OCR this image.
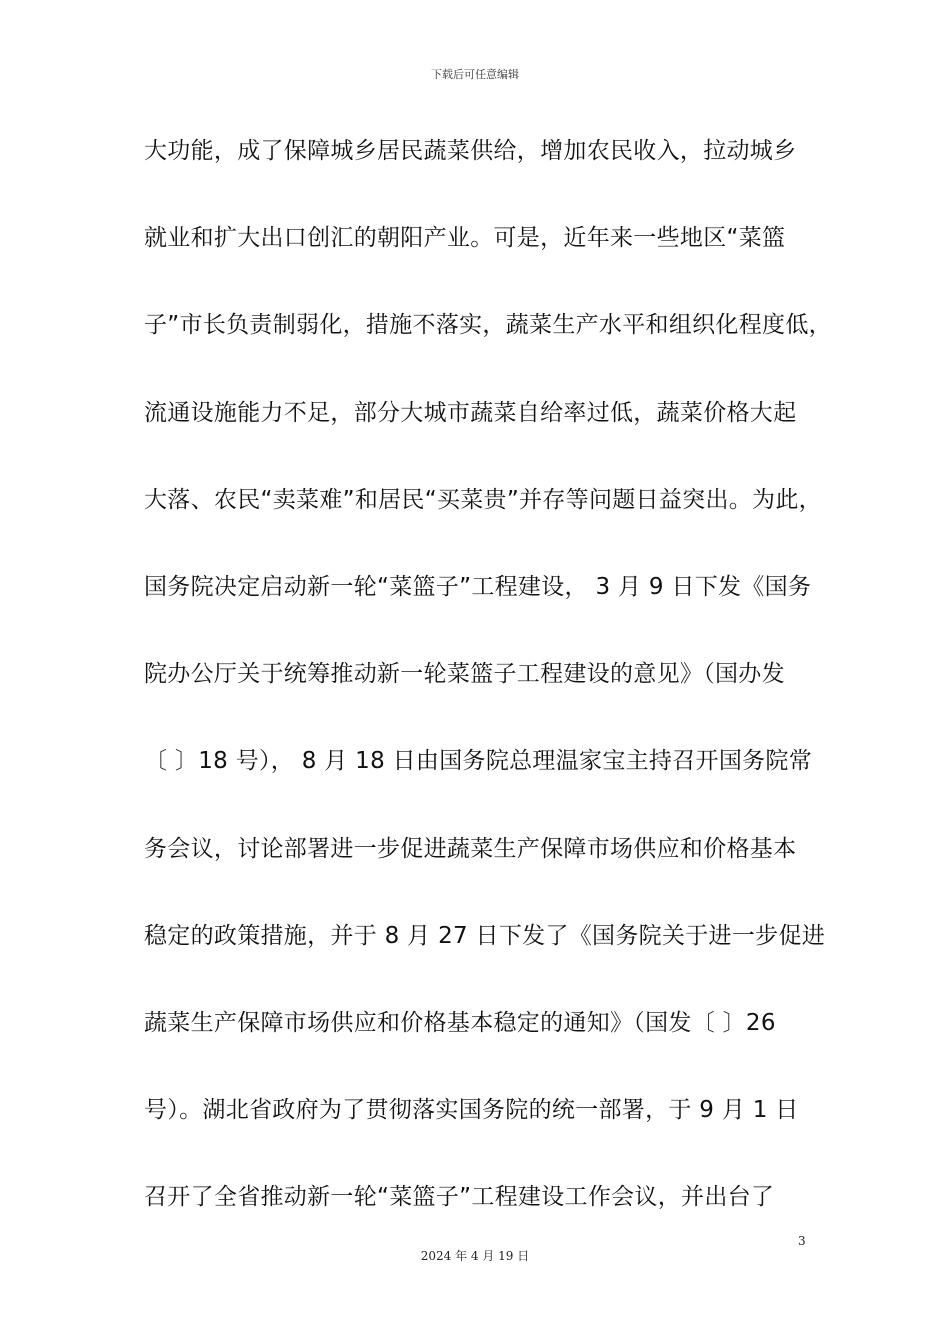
下载后可任意编辑
大功能，成了保障城乡居民蔬菜供给，增加农民收入，拉动城乡
就业和扩大出口创汇的朝阳产业。可是，近年来一些地区“菜篮
子”市长负责制弱化，措施不落实，蔬菜生产水平和组织化程度低，
流通设施能力不足，部分大城市蔬菜自给率过低，蔬菜价格大起
大落、农民“卖菜难”和居民“买菜贵”并存等问题日益突出。为此，
国务院决定启动新一轮“菜篮子”工程建设， 3 月 9 日下发《国务
院办公厅关于统筹推动新一轮菜篮子工程建设的意见》（国办发
〔 〕18 号）， 8 月 18 日由国务院总理温家宝主持召开国务院常
务会议，讨论部署进一步促进蔬菜生产保障市场供应和价格基本
稳定的政策措施，并于 8 月 27 日下发了《国务院关于进一步促进
蔬菜生产保障市场供应和价格基本稳定的通知》（国发〔 〕26
号）。湖北省政府为了贯彻落实国务院的统一部署，于 9 月 1 日
召开了全省推动新一轮“菜篮子”工程建设工作会议，并出台了
3
2024 年 4 月 19 日
